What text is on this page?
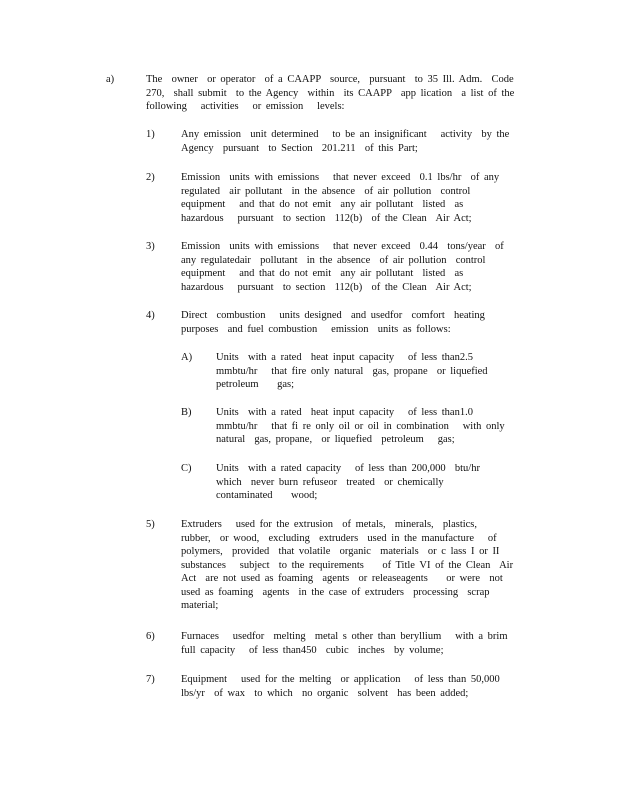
a)	The  owner  or operator  of a CAAPP  source,  pursuant  to 35 Ill. Adm.  Code
270,  shall submit  to the Agency  within  its CAAPP  app lication  a list of the
following   activities   or emission   levels:
1)	Any emission  unit determined   to be an insignificant   activity  by the
Agency  pursuant  to Section  201.211  of this Part;
2)	Emission  units with emissions   that never exceed  0.1 lbs/hr  of any
regulated  air pollutant  in the absence  of air pollution  control
equipment   and that do not emit  any air pollutant  listed  as
hazardous   pursuant  to section  112(b)  of the Clean  Air Act;
3)	Emission  units with emissions   that never exceed  0.44  tons/year  of
any regulatedair  pollutant  in the absence  of air pollution  control
equipment   and that do not emit  any air pollutant  listed  as
hazardous   pursuant  to section  112(b)  of the Clean  Air Act;
4)	Direct  combustion   units designed  and usedfor  comfort  heating
purposes  and fuel combustion   emission  units as follows:
A) Units  with a rated  heat input capacity   of less than2.5
mmbtu/hr   that fire only natural  gas, propane  or liquefied
petroleum    gas;
B) Units  with a rated  heat input capacity   of less than1.0
mmbtu/hr   that fi re only oil or oil in combination   with only
natural  gas, propane,  or liquefied  petroleum   gas;
C) Units  with a rated capacity   of less than 200,000  btu/hr
which  never burn refuseor  treated  or chemically
contaminated    wood;
5)	Extruders   used for the extrusion  of metals,  minerals,  plastics,
rubber,  or wood,  excluding  extruders  used in the manufacture   of
polymers,  provided  that volatile  organic  materials  or c lass I or II
substances   subject  to the requirements    of Title VI of the Clean  Air
Act  are not used as foaming  agents  or releaseagents    or were  not
used as foaming  agents  in the case of extruders  processing  scrap
material;
6)	Furnaces   usedfor  melting  metal s other than beryllium   with a brim
full capacity   of less than450  cubic  inches  by volume;
7)	Equipment   used for the melting  or application   of less than 50,000
lbs/yr  of wax  to which  no organic  solvent  has been added;
